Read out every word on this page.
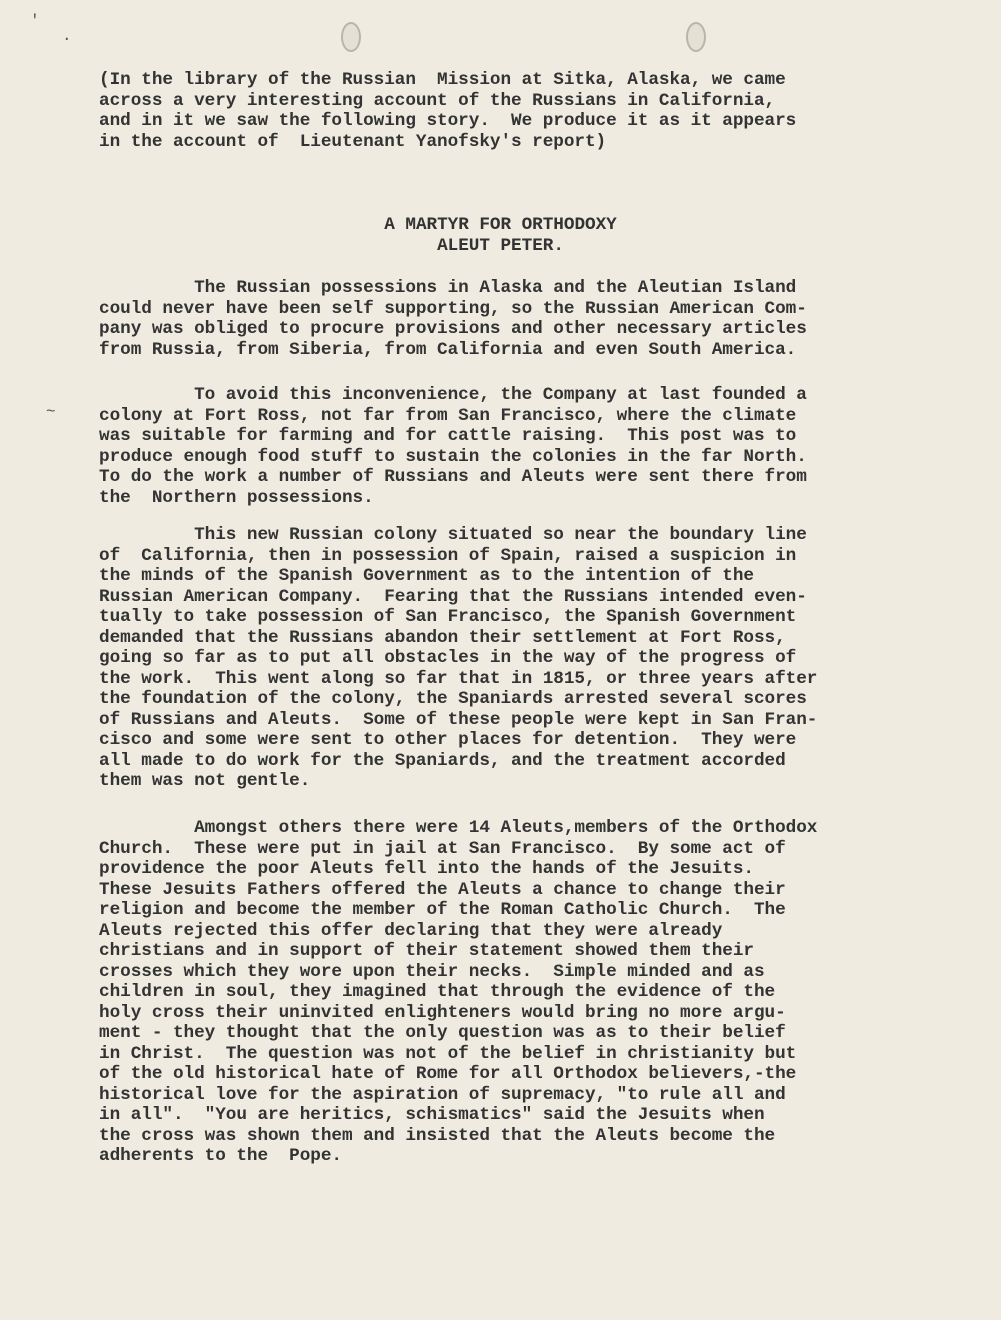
'
·
~
(In the library of the Russian  Mission at Sitka, Alaska, we came
across a very interesting account of the Russians in California,
and in it we saw the following story.  We produce it as it appears
in the account of  Lieutenant Yanofsky's report)
A MARTYR FOR ORTHODOXY
ALEUT PETER.
The Russian possessions in Alaska and the Aleutian Island
could never have been self supporting, so the Russian American Com-
pany was obliged to procure provisions and other necessary articles
from Russia, from Siberia, from California and even South America.
To avoid this inconvenience, the Company at last founded a
colony at Fort Ross, not far from San Francisco, where the climate
was suitable for farming and for cattle raising.  This post was to
produce enough food stuff to sustain the colonies in the far North.
To do the work a number of Russians and Aleuts were sent there from
the  Northern possessions.
This new Russian colony situated so near the boundary line
of  California, then in possession of Spain, raised a suspicion in
the minds of the Spanish Government as to the intention of the
Russian American Company.  Fearing that the Russians intended even-
tually to take possession of San Francisco, the Spanish Government
demanded that the Russians abandon their settlement at Fort Ross,
going so far as to put all obstacles in the way of the progress of
the work.  This went along so far that in 1815, or three years after
the foundation of the colony, the Spaniards arrested several scores
of Russians and Aleuts.  Some of these people were kept in San Fran-
cisco and some were sent to other places for detention.  They were
all made to do work for the Spaniards, and the treatment accorded
them was not gentle.
Amongst others there were 14 Aleuts,members of the Orthodox
Church.  These were put in jail at San Francisco.  By some act of
providence the poor Aleuts fell into the hands of the Jesuits.
These Jesuits Fathers offered the Aleuts a chance to change their
religion and become the member of the Roman Catholic Church.  The
Aleuts rejected this offer declaring that they were already
christians and in support of their statement showed them their
crosses which they wore upon their necks.  Simple minded and as
children in soul, they imagined that through the evidence of the
holy cross their uninvited enlighteners would bring no more argu-
ment - they thought that the only question was as to their belief
in Christ.  The question was not of the belief in christianity but
of the old historical hate of Rome for all Orthodox believers,-the
historical love for the aspiration of supremacy, "to rule all and
in all".  "You are heritics, schismatics" said the Jesuits when
the cross was shown them and insisted that the Aleuts become the
adherents to the  Pope.
